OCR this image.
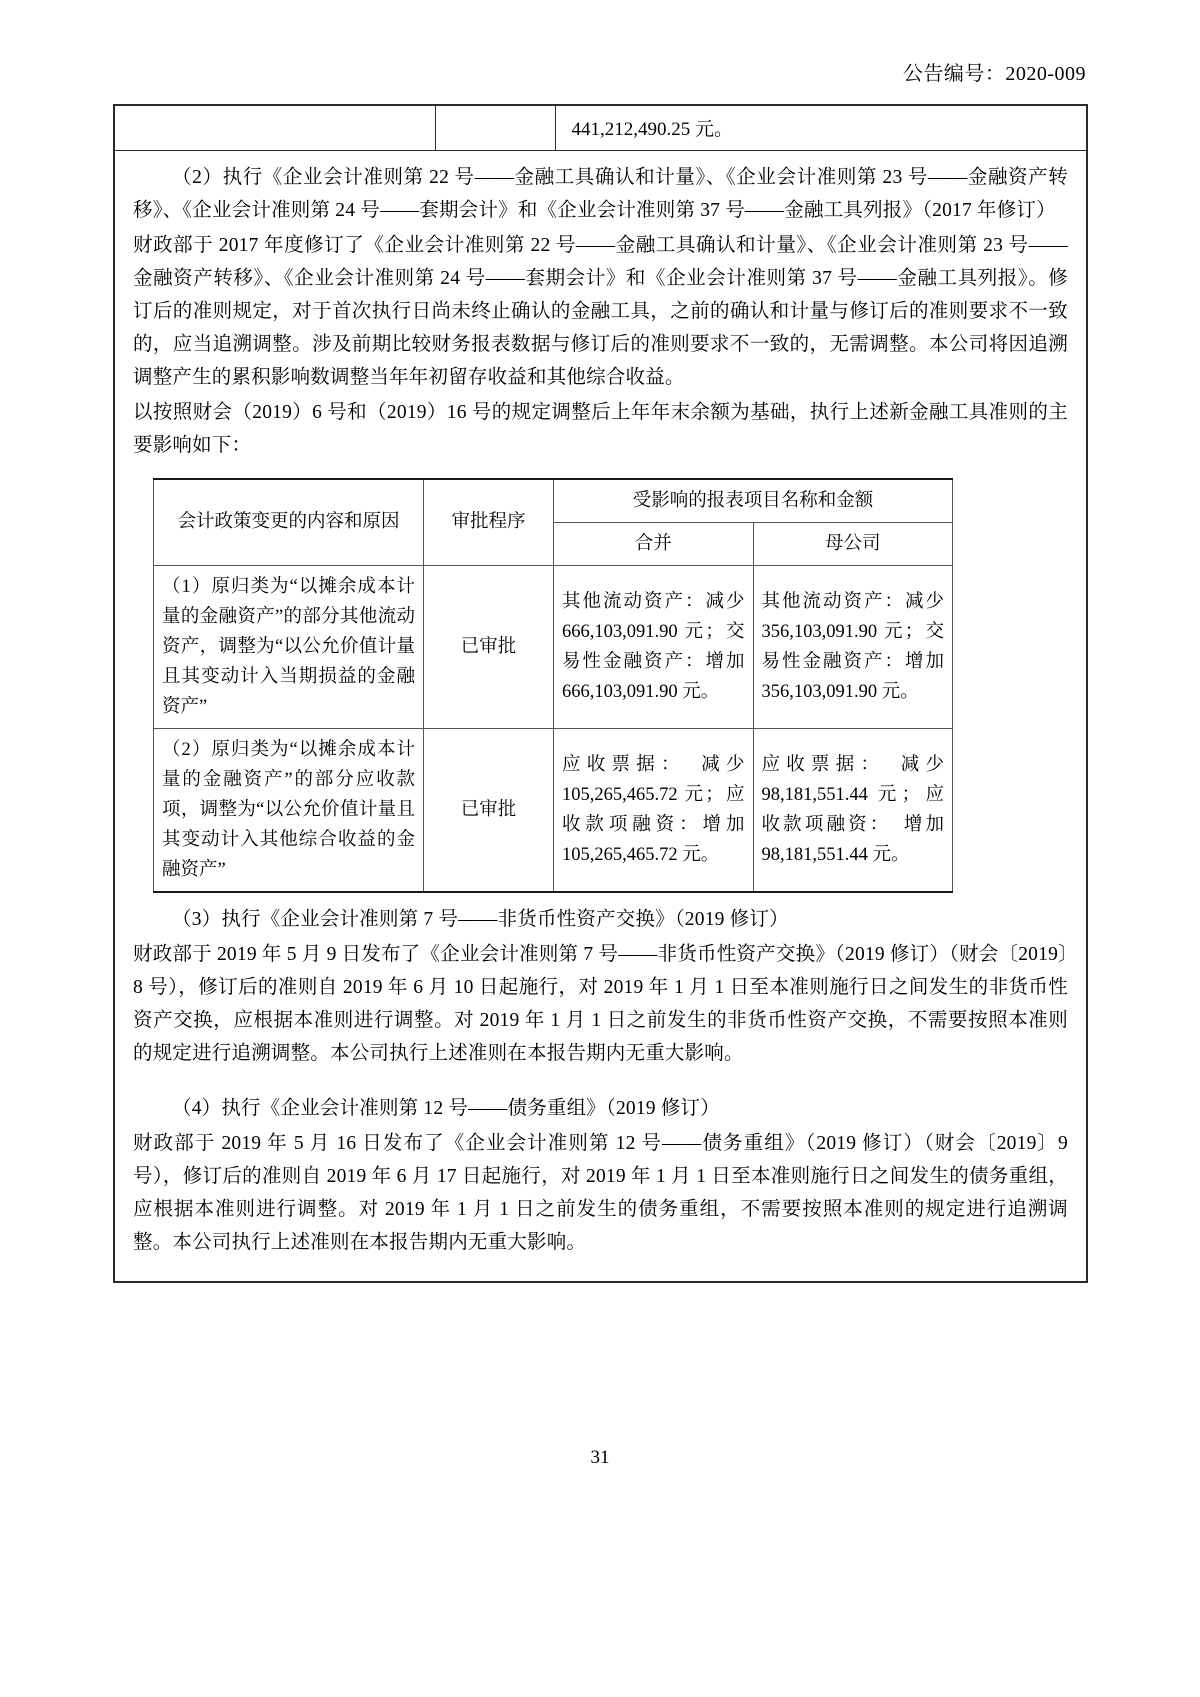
公告编号：2020-009
		441,212,490.25 元。

（2）执行《企业会计准则第 22 号——金融工具确认和计量》、《企业会计准则第 23 号——金融资产转移》、《企业会计准则第 24 号——套期会计》和《企业会计准则第 37 号——金融工具列报》（2017 年修订）

财政部于 2017 年度修订了《企业会计准则第 22 号——金融工具确认和计量》、《企业会计准则第 23 号——金融资产转移》、《企业会计准则第 24 号——套期会计》和《企业会计准则第 37 号——金融工具列报》。修订后的准则规定，对于首次执行日尚未终止确认的金融工具，之前的确认和计量与修订后的准则要求不一致的，应当追溯调整。涉及前期比较财务报表数据与修订后的准则要求不一致的，无需调整。本公司将因追溯调整产生的累积影响数调整当年年初留存收益和其他综合收益。

以按照财会（2019）6 号和（2019）16 号的规定调整后上年年末余额为基础，执行上述新金融工具准则的主要影响如下：

会计政策变更的内容和原因	审批程序	受影响的报表项目名称和金额	
		合并	母公司
（1）原归类为“以摊余成本计量的金融资产”的部分其他流动资产，调整为“以公允价值计量且其变动计入当期损益的金融资产”	已审批	其他流动资产：减少 666,103,091.90 元；交易性金融资产：增加　666,103,091.90 元。	其他流动资产：减少 356,103,091.90 元；交易性金融资产：增加　356,103,091.90 元。
（2）原归类为“以摊余成本计量的金融资产”的部分应收款项，调整为“以公允价值计量且其变动计入其他综合收益的金融资产”	已审批	应收票据：　减少 105,265,465.72 元；应收款项融资：增加 105,265,465.72 元。	应收票据：　减少 98,181,551.44 元；应收款项融资：　增加 98,181,551.44 元。

（3）执行《企业会计准则第 7 号——非货币性资产交换》（2019 修订）

财政部于 2019 年 5 月 9 日发布了《企业会计准则第 7 号——非货币性资产交换》（2019 修订）（财会〔2019〕8 号），修订后的准则自 2019 年 6 月 10 日起施行，对 2019 年 1 月 1 日至本准则施行日之间发生的非货币性资产交换，应根据本准则进行调整。对 2019 年 1 月 1 日之前发生的非货币性资产交换，不需要按照本准则的规定进行追溯调整。本公司执行上述准则在本报告期内无重大影响。

（4）执行《企业会计准则第 12 号——债务重组》（2019 修订）

财政部于 2019 年 5 月 16 日发布了《企业会计准则第 12 号——债务重组》（2019 修订）（财会〔2019〕9 号），修订后的准则自 2019 年 6 月 17 日起施行，对 2019 年 1 月 1 日至本准则施行日之间发生的债务重组，应根据本准则进行调整。对 2019 年 1 月 1 日之前发生的债务重组，不需要按照本准则的规定进行追溯调整。本公司执行上述准则在本报告期内无重大影响。

31
